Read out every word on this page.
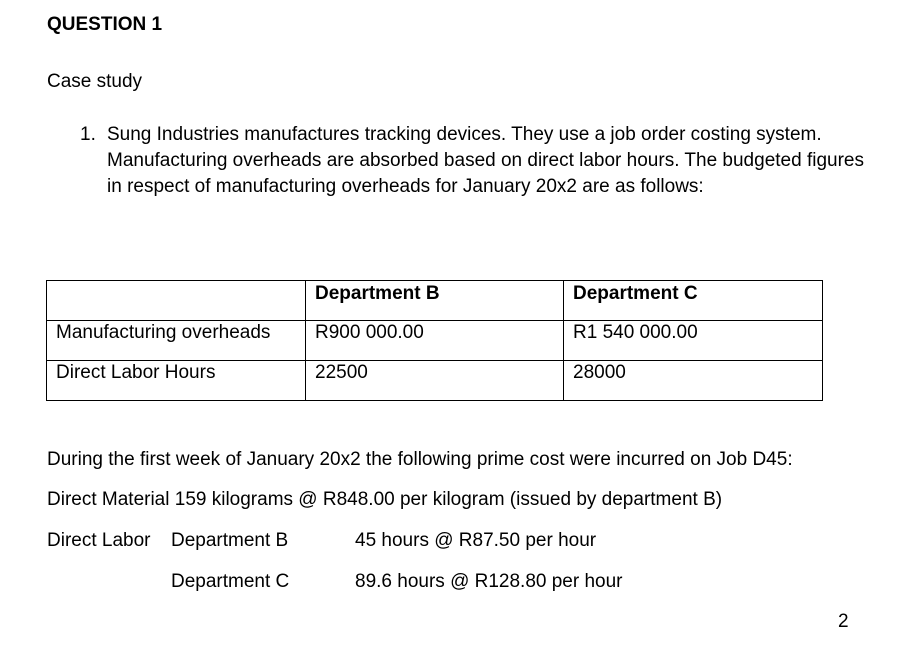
QUESTION 1
Case study
1. Sung Industries manufactures tracking devices. They use a job order costing system. Manufacturing overheads are absorbed based on direct labor hours. The budgeted figures in respect of manufacturing overheads for January 20x2 are as follows:
	Department B	Department C
Manufacturing overheads	R900 000.00	R1 540 000.00
Direct Labor Hours	22500	28000
During the first week of January 20x2 the following prime cost were incurred on Job D45:
Direct Material 159 kilograms @ R848.00 per kilogram (issued by department B)
Direct Labor Department B	45 hours @ R87.50 per hour
Department C	89.6 hours @ R128.80 per hour
2
